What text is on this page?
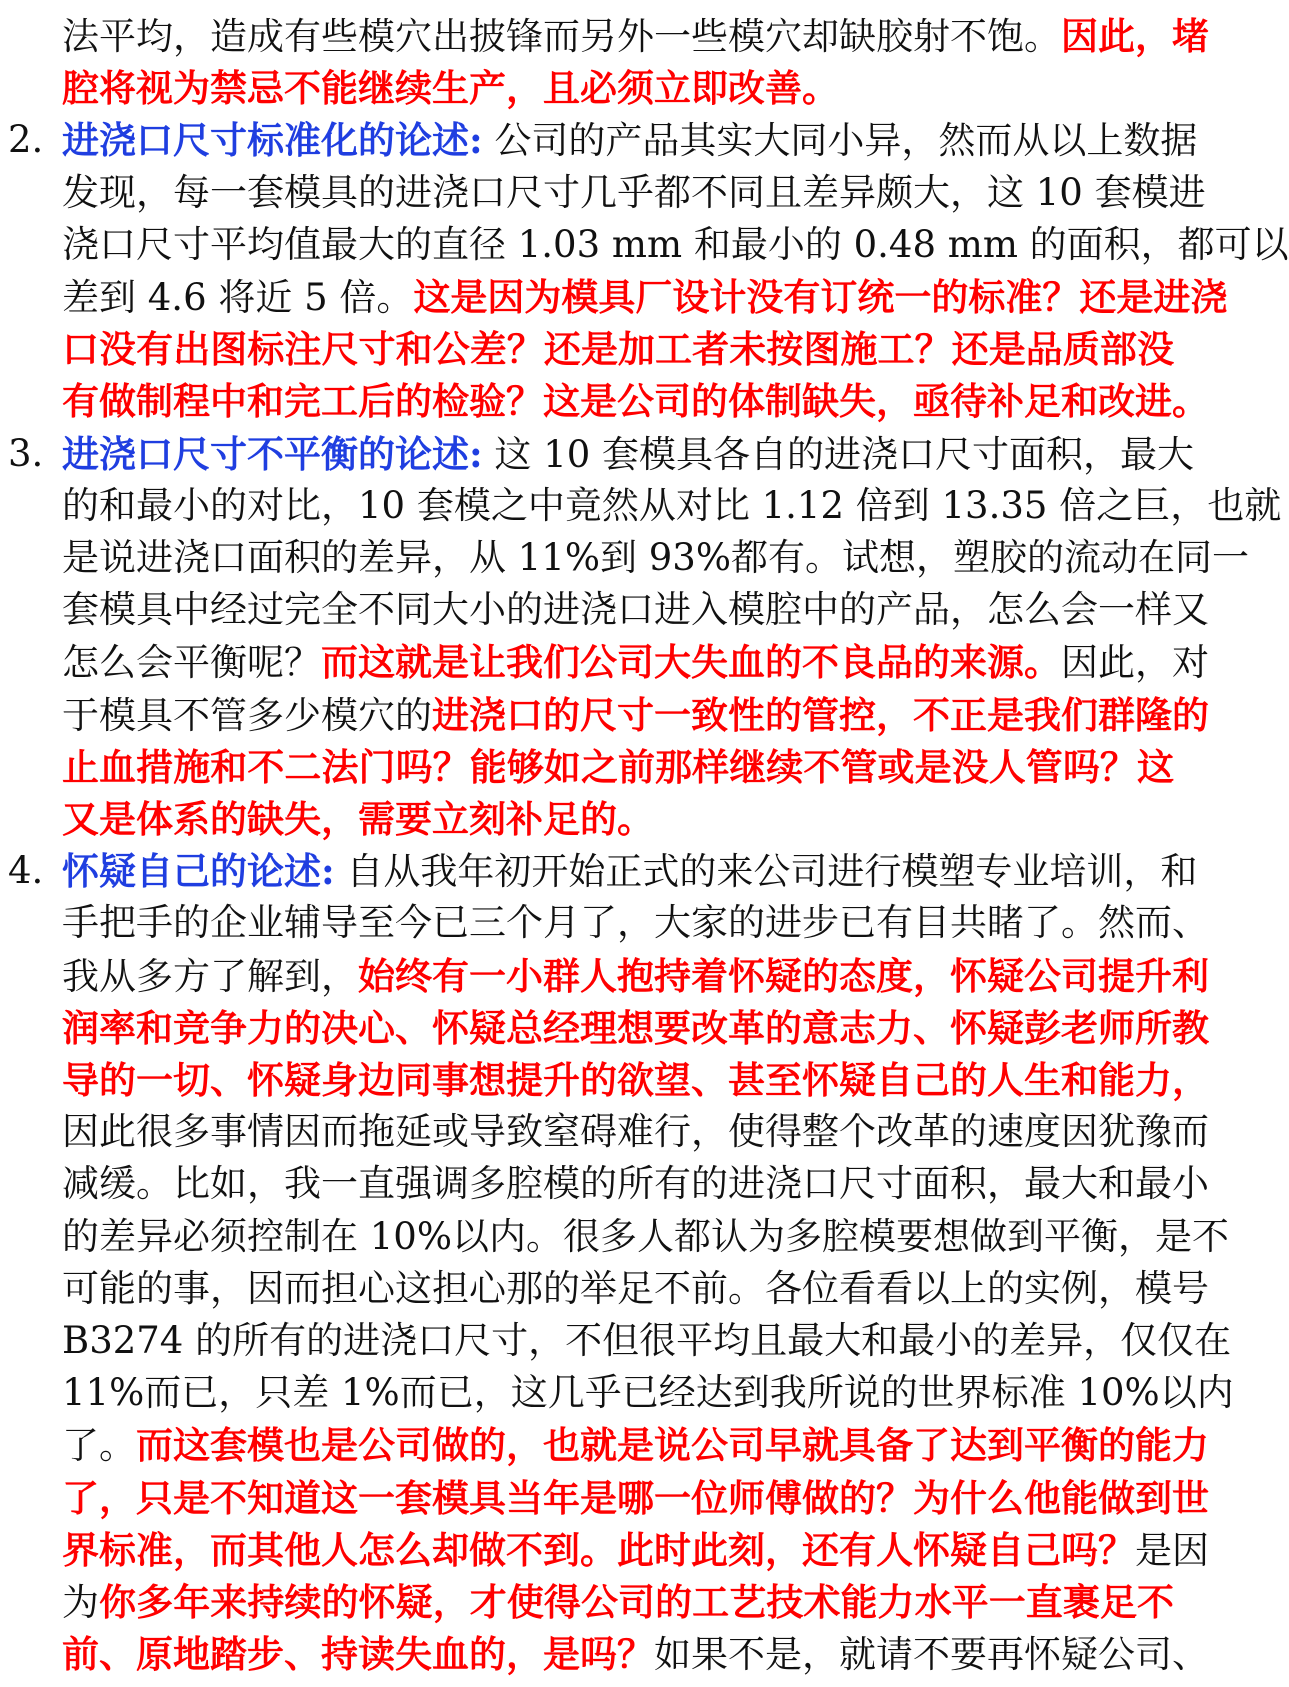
法平均，造成有些模穴出披锋而另外一些模穴却缺胶射不饱。因此，堵
腔将视为禁忌不能继续生产，且必须立即改善。
2. 进浇口尺寸标准化的论述: 公司的产品其实大同小异，然而从以上数据
发现，每一套模具的进浇口尺寸几乎都不同且差异颇大，这 10 套模进
浇口尺寸平均值最大的直径 1.03 mm 和最小的 0.48 mm 的面积，都可以
差到 4.6 将近 5 倍。这是因为模具厂设计没有订统一的标准？还是进浇
口没有出图标注尺寸和公差？还是加工者未按图施工？还是品质部没
有做制程中和完工后的检验？这是公司的体制缺失，亟待补足和改进。
3. 进浇口尺寸不平衡的论述: 这 10 套模具各自的进浇口尺寸面积，最大
的和最小的对比，10 套模之中竟然从对比 1.12 倍到 13.35 倍之巨，也就
是说进浇口面积的差异，从 11%到 93%都有。试想，塑胶的流动在同一
套模具中经过完全不同大小的进浇口进入模腔中的产品，怎么会一样又
怎么会平衡呢？而这就是让我们公司大失血的不良品的来源。因此，对
于模具不管多少模穴的进浇口的尺寸一致性的管控，不正是我们群隆的
止血措施和不二法门吗？能够如之前那样继续不管或是没人管吗？这
又是体系的缺失，需要立刻补足的。
4. 怀疑自己的论述: 自从我年初开始正式的来公司进行模塑专业培训，和
手把手的企业辅导至今已三个月了，大家的进步已有目共睹了。然而、
我从多方了解到，始终有一小群人抱持着怀疑的态度，怀疑公司提升利
润率和竞争力的决心、怀疑总经理想要改革的意志力、怀疑彭老师所教
导的一切、怀疑身边同事想提升的欲望、甚至怀疑自己的人生和能力，
因此很多事情因而拖延或导致窒碍难行，使得整个改革的速度因犹豫而
减缓。比如，我一直强调多腔模的所有的进浇口尺寸面积，最大和最小
的差异必须控制在 10%以内。很多人都认为多腔模要想做到平衡，是不
可能的事，因而担心这担心那的举足不前。各位看看以上的实例，模号
B3274 的所有的进浇口尺寸，不但很平均且最大和最小的差异，仅仅在
11%而已，只差 1%而已，这几乎已经达到我所说的世界标准 10%以内
了。而这套模也是公司做的，也就是说公司早就具备了达到平衡的能力
了，只是不知道这一套模具当年是哪一位师傅做的？为什么他能做到世
界标准，而其他人怎么却做不到。此时此刻，还有人怀疑自己吗？是因
为你多年来持续的怀疑，才使得公司的工艺技术能力水平一直裹足不
前、原地踏步、持读失血的，是吗？如果不是，就请不要再怀疑公司、
